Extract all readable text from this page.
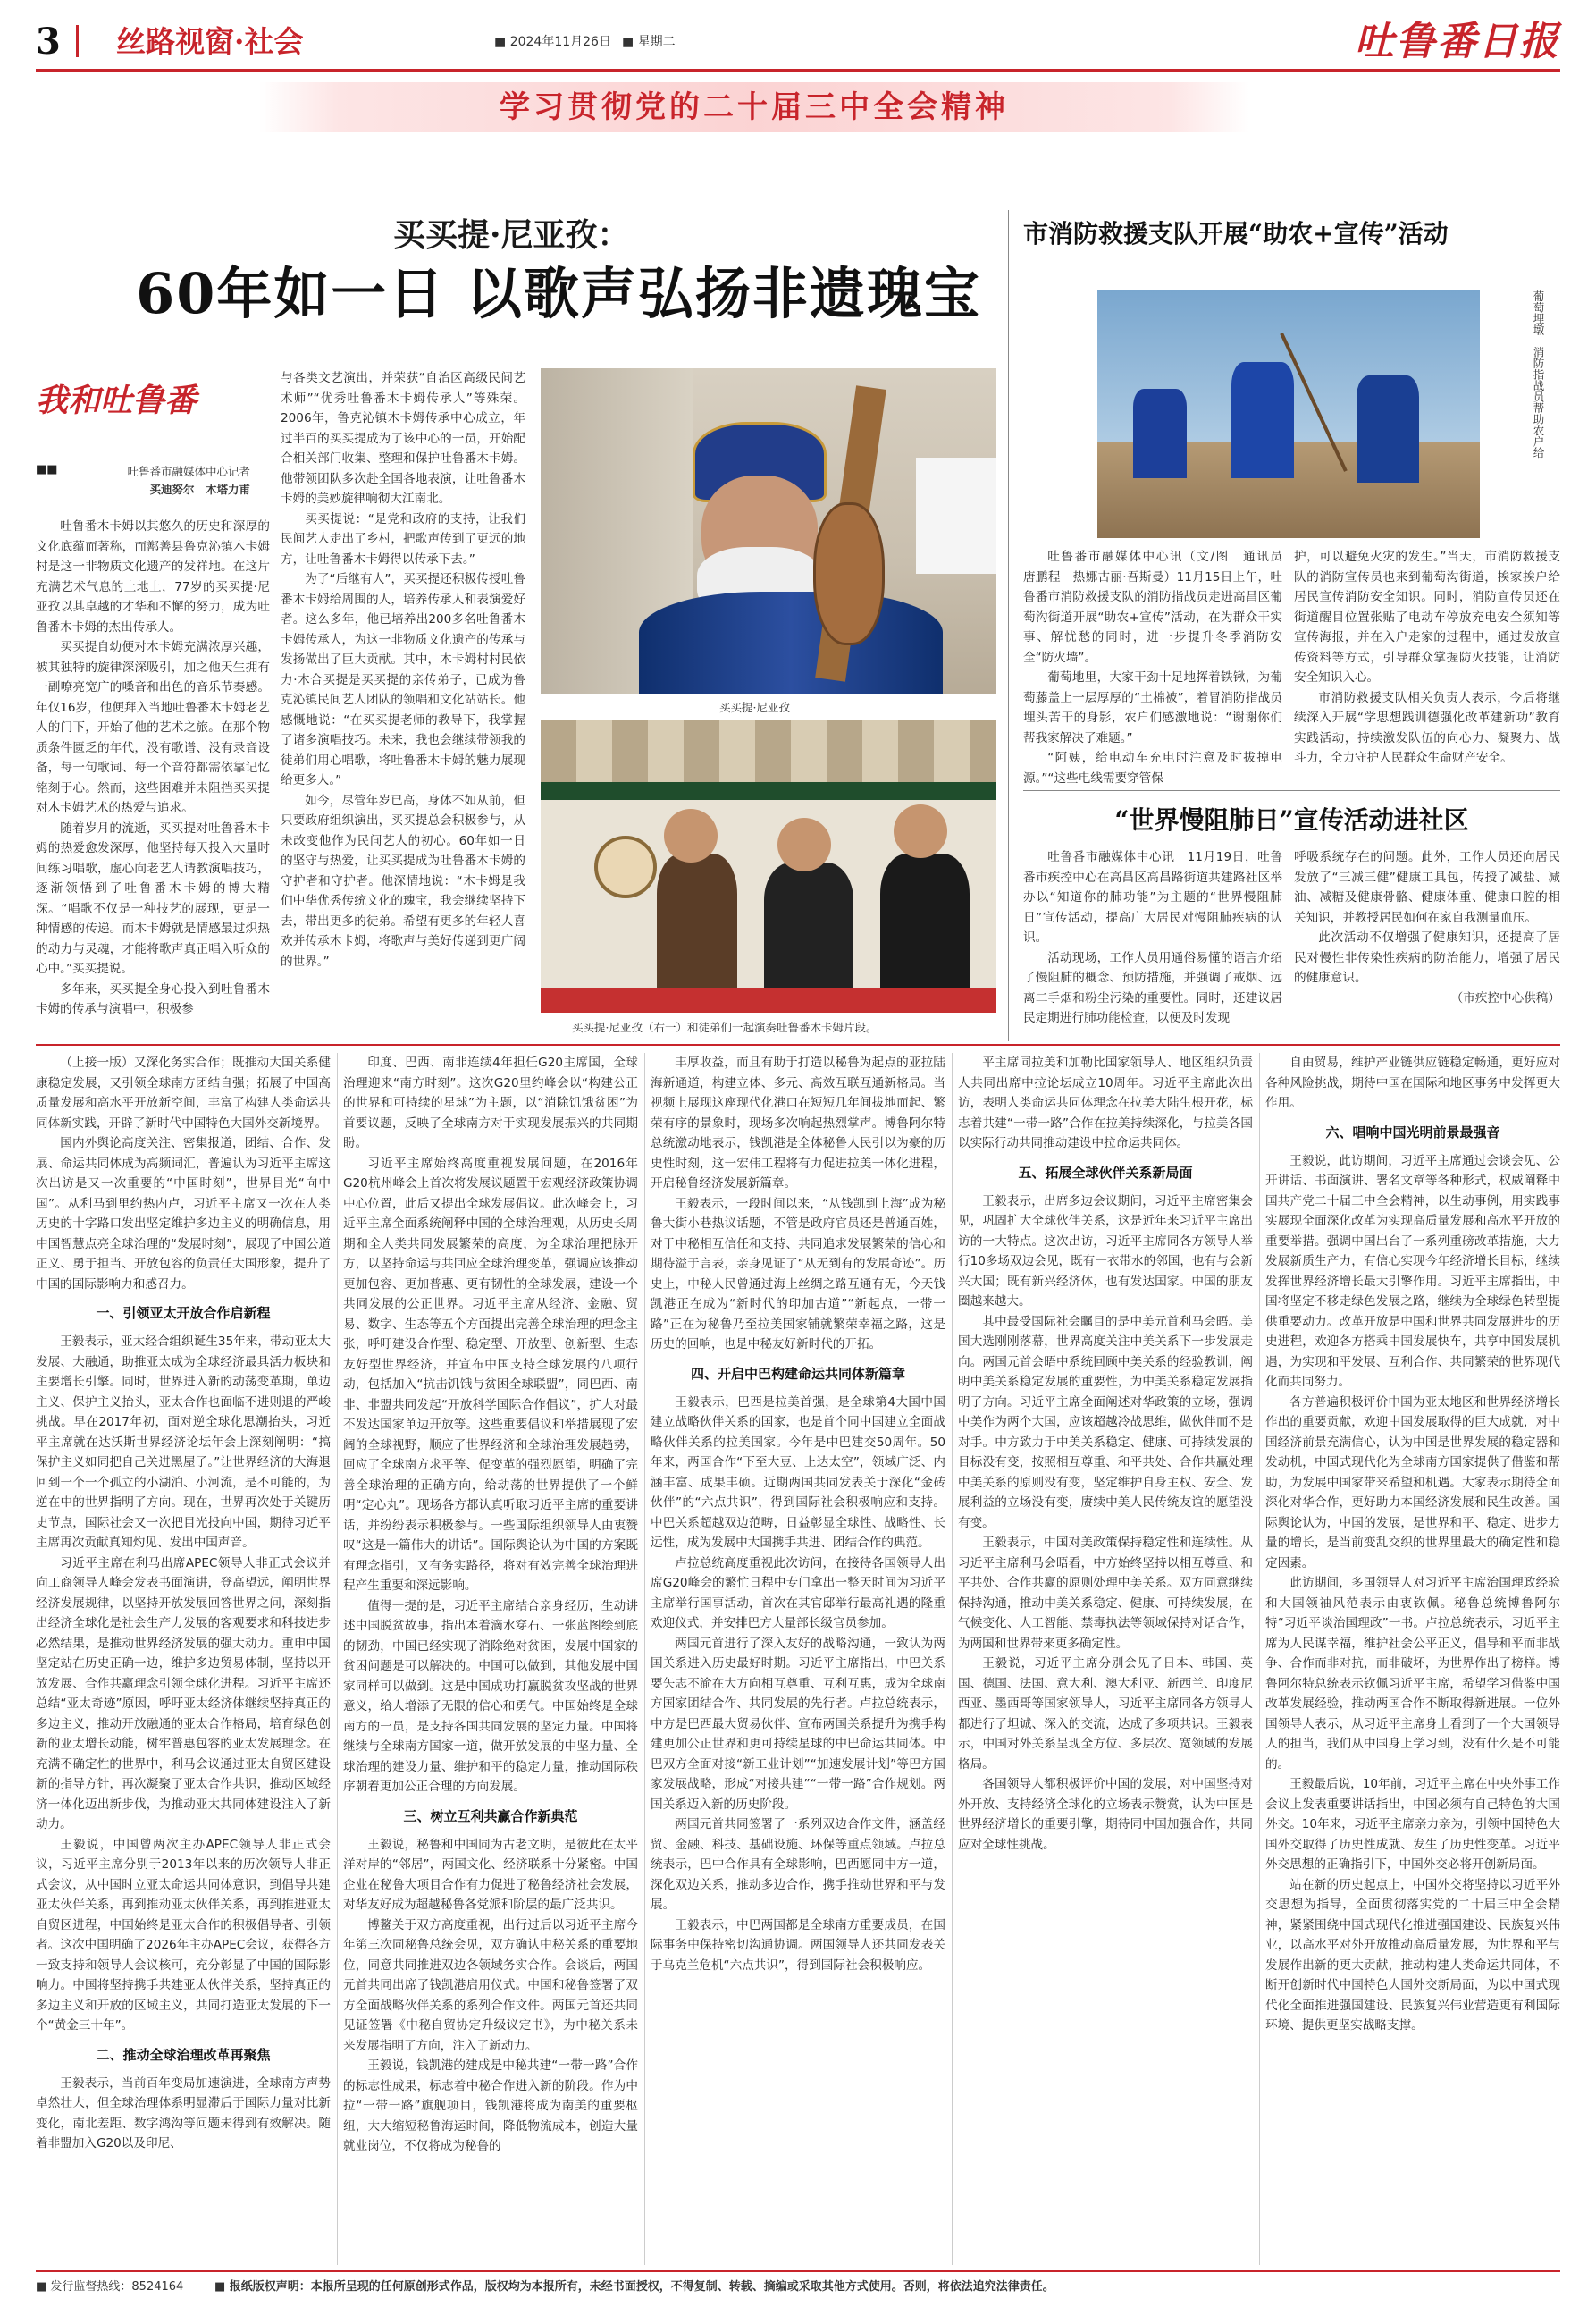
3 丝路视窗·社会	■ 2024年11月26日 ■ 星期二	吐鲁番日报
学习贯彻党的二十届三中全会精神
买买提·尼亚孜：
60年如一日 以歌声弘扬非遗瑰宝
我和吐鲁番
吐鲁番市融媒体中心记者
买迪努尔　木塔力甫
■■

吐鲁番木卡姆以其悠久的历史和深厚的文化底蕴而著称，而鄯善县鲁克沁镇木卡姆村是这一非物质文化遗产的发祥地。在这片充满艺术气息的土地上，77岁的买买提·尼亚孜以其卓越的才华和不懈的努力，成为吐鲁番木卡姆的杰出传承人。

买买提自幼便对木卡姆充满浓厚兴趣，被其独特的旋律深深吸引，加之他天生拥有一副嘹亮宽广的嗓音和出色的音乐节奏感。年仅16岁，他便拜入当地吐鲁番木卡姆老艺人的门下，开始了他的艺术之旅。在那个物质条件匮乏的年代，没有歌谱、没有录音设备，每一句歌词、每一个音符都需依靠记忆铭刻于心。然而，这些困难并未阻挡买买提对木卡姆艺术的热爱与追求。

随着岁月的流逝，买买提对吐鲁番木卡姆的热爱愈发深厚，他坚持每天投入大量时间练习唱歌，虚心向老艺人请教演唱技巧，逐渐领悟到了吐鲁番木卡姆的博大精深。“唱歌不仅是一种技艺的展现，更是一种情感的传递。而木卡姆就是情感最过炽热的动力与灵魂，才能将歌声真正唱入听众的心中。”买买提说。

多年来，买买提全身心投入到吐鲁番木卡姆的传承与演唱中，积极参

与各类文艺演出，并荣获“自治区高级民间艺术师”“优秀吐鲁番木卡姆传承人”等殊荣。2006年，鲁克沁镇木卡姆传承中心成立，年过半百的买买提成为了该中心的一员，开始配合相关部门收集、整理和保护吐鲁番木卡姆。他带领团队多次赴全国各地表演，让吐鲁番木卡姆的美妙旋律响彻大江南北。

买买提说：“是党和政府的支持，让我们民间艺人走出了乡村，把歌声传到了更远的地方，让吐鲁番木卡姆得以传承下去。”

为了“后继有人”，买买提还积极传授吐鲁番木卡姆给周围的人，培养传承人和表演爱好者。这么多年，他已培养出200多名吐鲁番木卡姆传承人，为这一非物质文化遗产的传承与发扬做出了巨大贡献。其中，木卡姆村村民依力·木合买提是买买提的亲传弟子，已成为鲁克沁镇民间艺人团队的领唱和文化站站长。他感慨地说：“在买买提老师的教导下，我掌握了诸多演唱技巧。未来，我也会继续带领我的徒弟们用心唱歌，将吐鲁番木卡姆的魅力展现给更多人。”

如今，尽管年岁已高，身体不如从前，但只要政府组织演出，买买提总会积极参与，从未改变他作为民间艺人的初心。60年如一日的坚守与热爱，让买买提成为吐鲁番木卡姆的守护者和守护者。他深情地说：“木卡姆是我们中华优秀传统文化的瑰宝，我会继续坚持下去，带出更多的徒弟。希望有更多的年轻人喜欢并传承木卡姆，将歌声与美好传递到更广阔的世界。”

买买提·尼亚孜
买买提·尼亚孜（右一）和徒弟们一起演奏吐鲁番木卡姆片段。
市消防救援支队开展“助农+宣传”活动
葡萄埋墩　消防指战员帮助农户给

吐鲁番市融媒体中心讯（文/图　通讯员　唐鹏程　热娜古丽·吾斯曼）11月15日上午，吐鲁番市消防救援支队的消防指战员走进高昌区葡萄沟街道开展“助农+宣传”活动，在为群众干实事、解忧愁的同时，进一步提升冬季消防安全“防火墙”。

葡萄地里，大家干劲十足地挥着铁锹，为葡萄藤盖上一层厚厚的“土棉被”，着冒消防指战员埋头苦干的身影，农户们感激地说：“谢谢你们帮我家解决了难题。”

“阿姨，给电动车充电时注意及时拔掉电源。”“这些电线需要穿管保

护，可以避免火灾的发生。”当天，市消防救援支队的消防宣传员也来到葡萄沟街道，挨家挨户给居民宣传消防安全知识。同时，消防宣传员还在街道醒目位置张贴了电动车停放充电安全须知等宣传海报，并在入户走家的过程中，通过发放宣传资料等方式，引导群众掌握防火技能，让消防安全知识入心。

市消防救援支队相关负责人表示，今后将继续深入开展“学思想践训德强化改革建新功”教育实践活动，持续激发队伍的向心力、凝聚力、战斗力，全力守护人民群众生命财产安全。

“世界慢阻肺日”宣传活动进社区

吐鲁番市融媒体中心讯　11月19日，吐鲁番市疾控中心在高昌区高昌路街道共建路社区举办以“知道你的肺功能”为主题的“世界慢阻肺日”宣传活动，提高广大居民对慢阻肺疾病的认识。

活动现场，工作人员用通俗易懂的语言介绍了慢阻肺的概念、预防措施，并强调了戒烟、远离二手烟和粉尘污染的重要性。同时，还建议居民定期进行肺功能检查，以便及时发现

呼吸系统存在的问题。此外，工作人员还向居民发放了“三减三健”健康工具包，传授了减盐、减油、减糖及健康骨骼、健康体重、健康口腔的相关知识，并教授居民如何在家自我测量血压。

此次活动不仅增强了健康知识，还提高了居民对慢性非传染性疾病的防治能力，增强了居民的健康意识。

（市疾控中心供稿）

（上接一版）又深化务实合作；既推动大国关系健康稳定发展，又引领全球南方团结自强；拓展了中国高质量发展和高水平开放新空间，丰富了构建人类命运共同体新实践，开辟了新时代中国特色大国外交新境界。

国内外舆论高度关注、密集报道，团结、合作、发展、命运共同体成为高频词汇，普遍认为习近平主席这次出访是又一次重要的“中国时刻”，世界目光“向中国”。从利马到里约热内卢，习近平主席又一次在人类历史的十字路口发出坚定维护多边主义的明确信息，用中国智慧点亮全球治理的“发展时刻”，展现了中国公道正义、勇于担当、开放包容的负责任大国形象，提升了中国的国际影响力和感召力。

一、引领亚太开放合作启新程

王毅表示，亚太经合组织诞生35年来，带动亚太大发展、大融通，助推亚太成为全球经济最具活力板块和主要增长引擎。同时，世界进入新的动荡变革期，单边主义、保护主义抬头，亚太合作也面临不进则退的严峻挑战。早在2017年初，面对逆全球化思潮抬头，习近平主席就在达沃斯世界经济论坛年会上深刻阐明：“搞保护主义如同把自己关进黑屋子。”让世界经济的大海退回到一个一个孤立的小湖泊、小河流，是不可能的，为逆在中的世界指明了方向。现在，世界再次处于关键历史节点，国际社会又一次把目光投向中国，期待习近平主席再次贡献真知灼见、发出中国声音。

习近平主席在利马出席APEC领导人非正式会议并向工商领导人峰会发表书面演讲，登高望远，阐明世界经济发展规律，以坚持开放发展回答世界之问，深刻指出经济全球化是社会生产力发展的客观要求和科技进步必然结果，是推动世界经济发展的强大动力。重申中国坚定站在历史正确一边，维护多边贸易体制，坚持以开放发展、合作共赢理念引领全球化进程。习近平主席还总结“亚太奇迹”原因，呼吁亚太经济体继续坚持真正的多边主义，推动开放融通的亚太合作格局，培育绿色创新的亚太增长动能，树牢普惠包容的亚太发展理念。在充满不确定性的世界中，利马会议通过亚太自贸区建设新的指导方针，再次凝聚了亚太合作共识，推动区域经济一体化迈出新步伐，为推动亚太共同体建设注入了新动力。

王毅说，中国曾两次主办APEC领导人非正式会议，习近平主席分别于2013年以来的历次领导人非正式会议，从中国时立亚太命运共同体意识，到倡导共建亚太伙伴关系，再到推动亚太伙伴关系，再到推进亚太自贸区进程，中国始终是亚太合作的积极倡导者、引领者。这次中国明确了2026年主办APEC会议，获得各方一致支持和领导人会议核可，充分彰显了中国的国际影响力。中国将坚持携手共建亚太伙伴关系，坚持真正的多边主义和开放的区域主义，共同打造亚太发展的下一个“黄金三十年”。

二、推动全球治理改革再聚焦

王毅表示，当前百年变局加速演进，全球南方声势卓然壮大，但全球治理体系明显滞后于国际力量对比新变化，南北差距、数字鸿沟等问题未得到有效解决。随着非盟加入G20以及印尼、

印度、巴西、南非连续4年担任G20主席国，全球治理迎来“南方时刻”。这次G20里约峰会以“构建公正的世界和可持续的星球”为主题，以“消除饥饿贫困”为首要议题，反映了全球南方对于实现发展振兴的共同期盼。

习近平主席始终高度重视发展问题，在2016年G20杭州峰会上首次将发展议题置于宏观经济政策协调中心位置，此后又提出全球发展倡议。此次峰会上，习近平主席全面系统阐释中国的全球治理观，从历史长周期和全人类共同发展繁荣的高度，为全球治理把脉开方，以坚持命运与共回应全球治理变革，强调应该推动更加包容、更加普惠、更有韧性的全球发展，建设一个共同发展的公正世界。习近平主席从经济、金融、贸易、数字、生态等五个方面提出完善全球治理的理念主张，呼吁建设合作型、稳定型、开放型、创新型、生态友好型世界经济，并宣布中国支持全球发展的八项行动，包括加入“抗击饥饿与贫困全球联盟”，同巴西、南非、非盟共同发起“开放科学国际合作倡议”，扩大对最不发达国家单边开放等。这些重要倡议和举措展现了宏阔的全球视野，顺应了世界经济和全球治理发展趋势，回应了全球南方求平等、促变革的强烈愿望，明确了完善全球治理的正确方向，给动荡的世界提供了一个鲜明“定心丸”。现场各方都认真听取习近平主席的重要讲话，并纷纷表示积极参与。一些国际组织领导人由衷赞叹“这是一篇伟大的讲话”。国际舆论认为中国的方案既有理念指引，又有务实路径，将对有效完善全球治理进程产生重要和深远影响。

值得一提的是，习近平主席结合亲身经历，生动讲述中国脱贫故事，指出本着滴水穿石、一张蓝图绘到底的韧劲，中国已经实现了消除绝对贫困，发展中国家的贫困问题是可以解决的。中国可以做到，其他发展中国家同样可以做到。这是中国成功打赢脱贫攻坚战的世界意义，给人增添了无限的信心和勇气。中国始终是全球南方的一员，是支持各国共同发展的坚定力量。中国将继续与全球南方国家一道，做开放发展的中坚力量、全球治理的建设力量、维护和平的稳定力量，推动国际秩序朝着更加公正合理的方向发展。

三、树立互利共赢合作新典范

王毅说，秘鲁和中国同为古老文明，是彼此在太平洋对岸的“邻居”，两国文化、经济联系十分紧密。中国企业在秘鲁大项目合作有力促进了秘鲁经济社会发展，对华友好成为超越秘鲁各党派和阶层的最广泛共识。

博鳌关于双方高度重视，出行过后以习近平主席今年第三次同秘鲁总统会见，双方确认中秘关系的重要地位，同意共同推进双边各领域务实合作。会谈后，两国元首共同出席了钱凯港启用仪式。中国和秘鲁签署了双方全面战略伙伴关系的系列合作文件。两国元首还共同见证签署《中秘自贸协定升级议定书》，为中秘关系未来发展指明了方向，注入了新动力。

王毅说，钱凯港的建成是中秘共建“一带一路”合作的标志性成果，标志着中秘合作进入新的阶段。作为中拉“一带一路”旗舰项目，钱凯港将成为南美的重要枢纽，大大缩短秘鲁海运时间，降低物流成本，创造大量就业岗位，不仅将成为秘鲁的

丰厚收益，而且有助于打造以秘鲁为起点的亚拉陆海新通道，构建立体、多元、高效互联互通新格局。当视频上展现这座现代化港口在短短几年间拔地而起、繁荣有序的景象时，现场多次响起热烈掌声。博鲁阿尔特总统激动地表示，钱凯港是全体秘鲁人民引以为豪的历史性时刻，这一宏伟工程将有力促进拉美一体化进程，开启秘鲁经济发展新篇章。

王毅表示，一段时间以来，“从钱凯到上海”成为秘鲁大街小巷热议话题，不管是政府官员还是普通百姓，对于中秘相互信任和支持、共同追求发展繁荣的信心和期待溢于言表，亲身见证了“从无到有的发展奇迹”。历史上，中秘人民曾通过海上丝绸之路互通有无，今天钱凯港正在成为“新时代的印加古道”“新起点，一带一路”正在为秘鲁乃至拉美国家铺就繁荣幸福之路，这是历史的回响，也是中秘友好新时代的开拓。

四、开启中巴构建命运共同体新篇章

王毅表示，巴西是拉美首强，是全球第4大国中国建立战略伙伴关系的国家，也是首个同中国建立全面战略伙伴关系的拉美国家。今年是中巴建交50周年。50年来，两国合作“下至大豆、上达太空”，领域广泛、内涵丰富、成果丰硕。近期两国共同发表关于深化“金砖伙伴”的“六点共识”，得到国际社会积极响应和支持。中巴关系超越双边范畴，日益彰显全球性、战略性、长远性，成为发展中大国携手共进、团结合作的典范。

卢拉总统高度重视此次访问，在接待各国领导人出席G20峰会的繁忙日程中专门拿出一整天时间为习近平主席举行国事活动，首次在其官邸举行最高礼遇的隆重欢迎仪式，并安排巴方大量部长级官员参加。

两国元首进行了深入友好的战略沟通，一致认为两国关系进入历史最好时期。习近平主席指出，中巴关系要矢志不渝在大方向相互尊重、互利互惠，成为全球南方国家团结合作、共同发展的先行者。卢拉总统表示，中方是巴西最大贸易伙伴、宣布两国关系提升为携手构建更加公正世界和更可持续星球的中巴命运共同体。中巴双方全面对接“新工业计划”“加速发展计划”等巴方国家发展战略，形成“对接共建”“一带一路”合作规划。两国关系迈入新的历史阶段。

两国元首共同签署了一系列双边合作文件，涵盖经贸、金融、科技、基础设施、环保等重点领域。卢拉总统表示，巴中合作具有全球影响，巴西愿同中方一道，深化双边关系，推动多边合作，携手推动世界和平与发展。

王毅表示，中巴两国都是全球南方重要成员，在国际事务中保持密切沟通协调。两国领导人还共同发表关于乌克兰危机“六点共识”，得到国际社会积极响应。

平主席同拉美和加勒比国家领导人、地区组织负责人共同出席中拉论坛成立10周年。习近平主席此次出访，表明人类命运共同体理念在拉美大陆生根开花，标志着共建“一带一路”合作在拉美持续深化，与拉美各国以实际行动共同推动建设中拉命运共同体。

五、拓展全球伙伴关系新局面

王毅表示，出席多边会议期间，习近平主席密集会见，巩固扩大全球伙伴关系，这是近年来习近平主席出访的一大特点。这次出访，习近平主席同各方领导人举行10多场双边会见，既有一衣带水的邻国，也有与会新兴大国；既有新兴经济体，也有发达国家。中国的朋友圈越来越大。

其中最受国际社会瞩目的是中美元首利马会晤。美国大选刚刚落幕，世界高度关注中美关系下一步发展走向。两国元首会晤中系统回顾中美关系的经验教训，阐明中美关系稳定发展的重要性，为中美关系稳定发展指明了方向。习近平主席全面阐述对华政策的立场，强调中美作为两个大国，应该超越冷战思维，做伙伴而不是对手。中方致力于中美关系稳定、健康、可持续发展的目标没有变，按照相互尊重、和平共处、合作共赢处理中美关系的原则没有变，坚定维护自身主权、安全、发展利益的立场没有变，赓续中美人民传统友谊的愿望没有变。

王毅表示，中国对美政策保持稳定性和连续性。从习近平主席利马会晤看，中方始终坚持以相互尊重、和平共处、合作共赢的原则处理中美关系。双方同意继续保持沟通，推动中美关系稳定、健康、可持续发展，在气候变化、人工智能、禁毒执法等领域保持对话合作，为两国和世界带来更多确定性。

王毅说，习近平主席分别会见了日本、韩国、英国、德国、法国、意大利、澳大利亚、新西兰、印度尼西亚、墨西哥等国家领导人，习近平主席同各方领导人都进行了坦诚、深入的交流，达成了多项共识。王毅表示，中国对外关系呈现全方位、多层次、宽领域的发展格局。

各国领导人都积极评价中国的发展，对中国坚持对外开放、支持经济全球化的立场表示赞赏，认为中国是世界经济增长的重要引擎，期待同中国加强合作，共同应对全球性挑战。

自由贸易，维护产业链供应链稳定畅通，更好应对各种风险挑战，期待中国在国际和地区事务中发挥更大作用。

六、唱响中国光明前景最强音

王毅说，此访期间，习近平主席通过会谈会见、公开讲话、书面演讲、署名文章等各种形式，权威阐释中国共产党二十届三中全会精神，以生动事例，用实践事实展现全面深化改革为实现高质量发展和高水平开放的重要举措。强调中国出台了一系列重磅改革措施，大力发展新质生产力，有信心实现今年经济增长目标，继续发挥世界经济增长最大引擎作用。习近平主席指出，中国将坚定不移走绿色发展之路，继续为全球绿色转型提供重要动力。改革开放是中国和世界共同发展进步的历史进程，欢迎各方搭乘中国发展快车，共享中国发展机遇，为实现和平发展、互利合作、共同繁荣的世界现代化而共同努力。

各方普遍积极评价中国为亚太地区和世界经济增长作出的重要贡献，欢迎中国发展取得的巨大成就，对中国经济前景充满信心，认为中国是世界发展的稳定器和发动机，中国式现代化为全球南方国家提供了借鉴和帮助，为发展中国家带来希望和机遇。大家表示期待全面深化对华合作，更好助力本国经济发展和民生改善。国际舆论认为，中国的发展，是世界和平、稳定、进步力量的增长，是当前变乱交织的世界里最大的确定性和稳定因素。

此访期间，多国领导人对习近平主席治国理政经验和大国领袖风范表示由衷钦佩。秘鲁总统博鲁阿尔特“习近平谈治国理政”一书。卢拉总统表示，习近平主席为人民谋幸福，维护社会公平正义，倡导和平而非战争、合作而非对抗，而非破坏，为世界作出了榜样。博鲁阿尔特总统表示钦佩习近平主席，希望学习借鉴中国改革发展经验，推动两国合作不断取得新进展。一位外国领导人表示，从习近平主席身上看到了一个大国领导人的担当，我们从中国身上学习到，没有什么是不可能的。

王毅最后说，10年前，习近平主席在中央外事工作会议上发表重要讲话指出，中国必须有自己特色的大国外交。10年来，习近平主席亲力亲为，引领中国特色大国外交取得了历史性成就、发生了历史性变革。习近平外交思想的正确指引下，中国外交必将开创新局面。

站在新的历史起点上，中国外交将坚持以习近平外交思想为指导，全面贯彻落实党的二十届三中全会精神，紧紧围绕中国式现代化推进强国建设、民族复兴伟业，以高水平对外开放推动高质量发展，为世界和平与发展作出新的更大贡献，推动构建人类命运共同体，不断开创新时代中国特色大国外交新局面，为以中国式现代化全面推进强国建设、民族复兴伟业营造更有利国际环境、提供更坚实战略支撑。

■ 发行监督热线：8524164	■ 报纸版权声明：本报所呈现的任何原创形式作品，版权均为本报所有，未经书面授权，不得复制、转载、摘编或采取其他方式使用。否则，将依法追究法律责任。
